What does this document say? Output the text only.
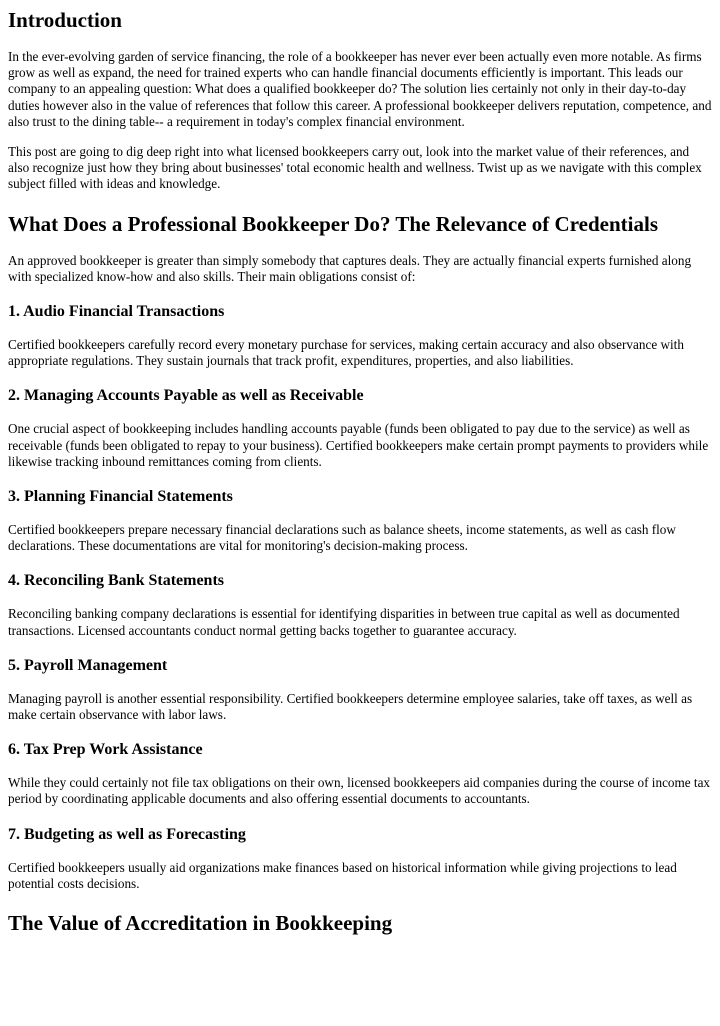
Introduction

In the ever-evolving garden of service financing, the role of a bookkeeper has never ever been actually even more notable. As firms grow as well as expand, the need for trained experts who can handle financial documents efficiently is important. This leads our company to an appealing question: What does a qualified bookkeeper do? The solution lies certainly not only in their day-to-day duties however also in the value of references that follow this career. A professional bookkeeper delivers reputation, competence, and also trust to the dining table-- a requirement in today's complex financial environment.

This post are going to dig deep right into what licensed bookkeepers carry out, look into the market value of their references, and also recognize just how they bring about businesses' total economic health and wellness. Twist up as we navigate with this complex subject filled with ideas and knowledge.

What Does a Professional Bookkeeper Do? The Relevance of Credentials

An approved bookkeeper is greater than simply somebody that captures deals. They are actually financial experts furnished along with specialized know-how and also skills. Their main obligations consist of:

1. Audio Financial Transactions

Certified bookkeepers carefully record every monetary purchase for services, making certain accuracy and also observance with appropriate regulations. They sustain journals that track profit, expenditures, properties, and also liabilities.

2. Managing Accounts Payable as well as Receivable

One crucial aspect of bookkeeping includes handling accounts payable (funds been obligated to pay due to the service) as well as receivable (funds been obligated to repay to your business). Certified bookkeepers make certain prompt payments to providers while likewise tracking inbound remittances coming from clients.

3. Planning Financial Statements

Certified bookkeepers prepare necessary financial declarations such as balance sheets, income statements, as well as cash flow declarations. These documentations are vital for monitoring's decision-making process.

4. Reconciling Bank Statements

Reconciling banking company declarations is essential for identifying disparities in between true capital as well as documented transactions. Licensed accountants conduct normal getting backs together to guarantee accuracy.

5. Payroll Management

Managing payroll is another essential responsibility. Certified bookkeepers determine employee salaries, take off taxes, as well as make certain observance with labor laws.

6. Tax Prep Work Assistance

While they could certainly not file tax obligations on their own, licensed bookkeepers aid companies during the course of income tax period by coordinating applicable documents and also offering essential documents to accountants.

7. Budgeting as well as Forecasting

Certified bookkeepers usually aid organizations make finances based on historical information while giving projections to lead potential costs decisions.

The Value of Accreditation in Bookkeeping
